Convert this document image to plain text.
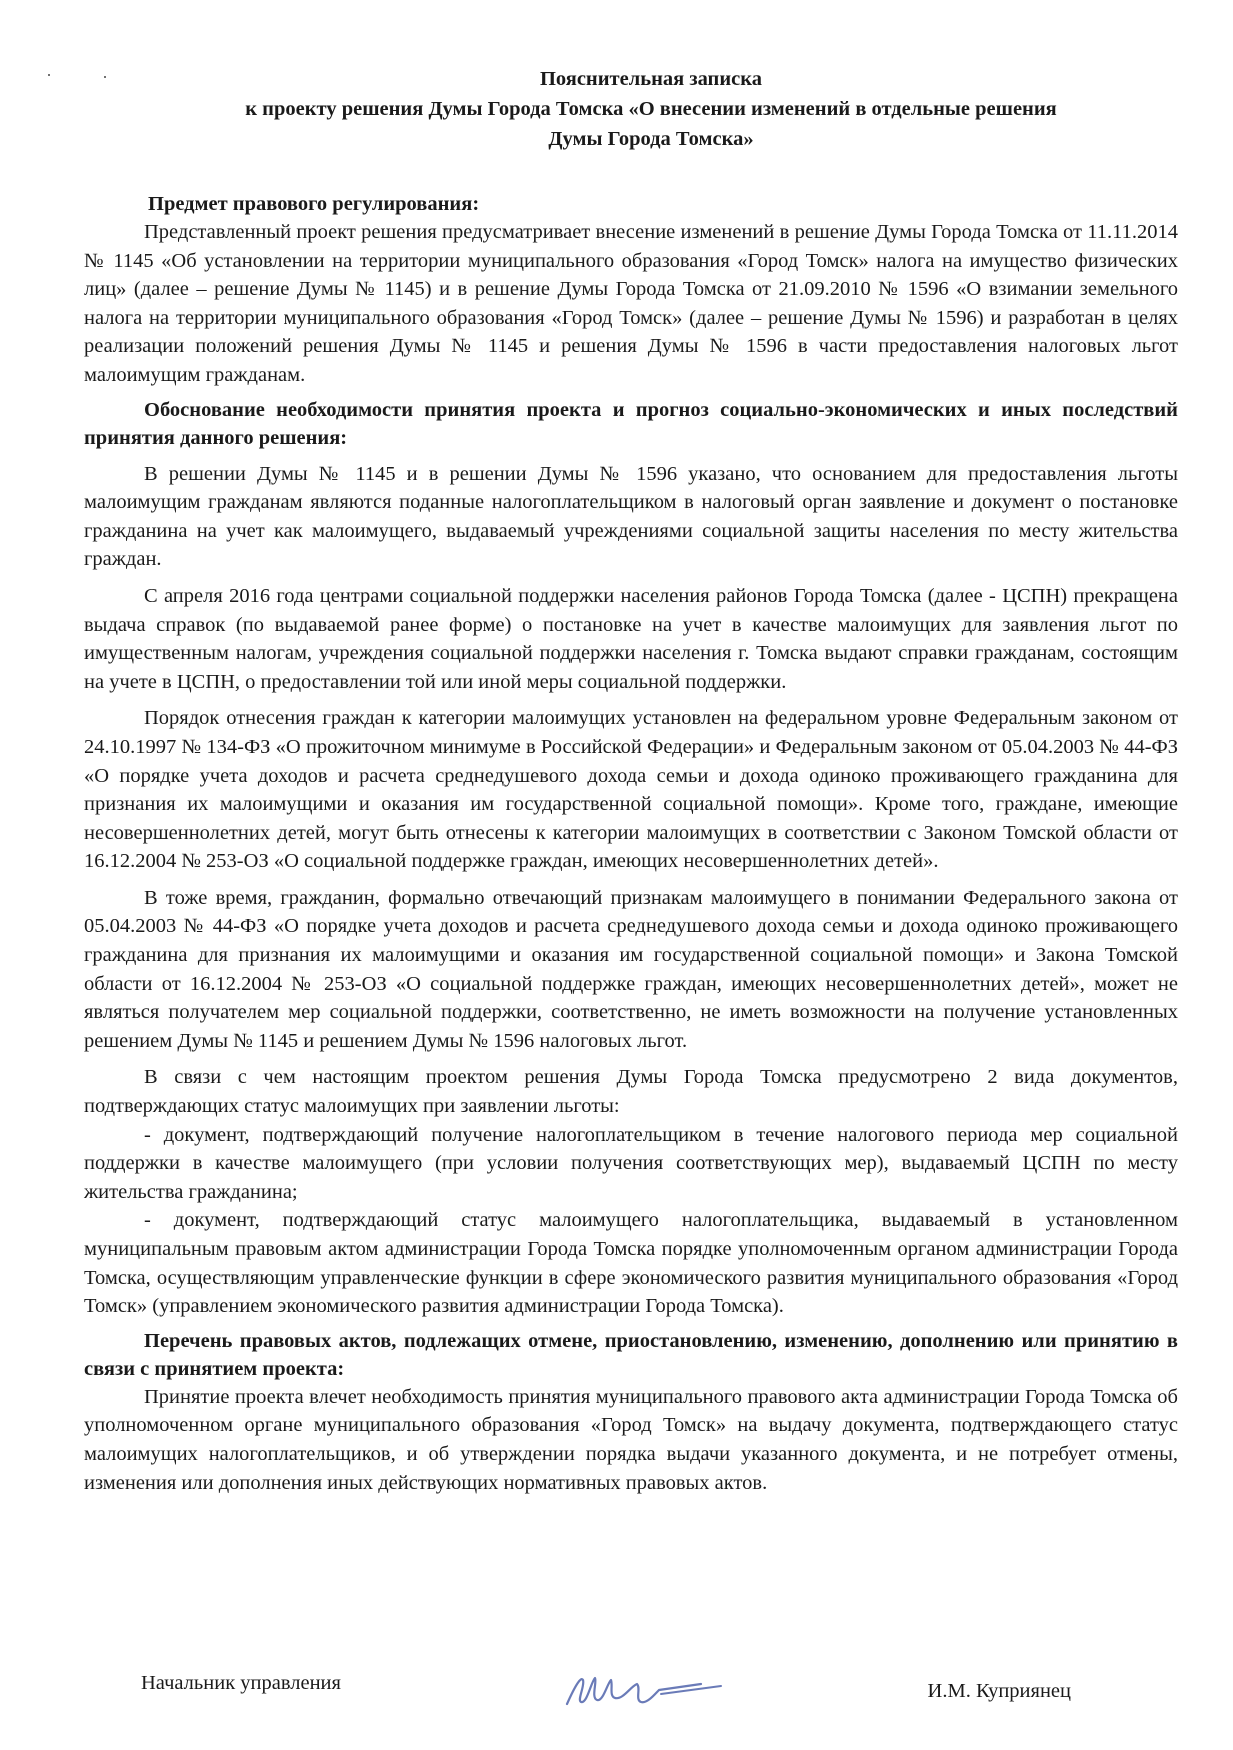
Пояснительная записка
к проекту решения Думы Города Томска «О внесении изменений в отдельные решения
Думы Города Томска»

Предмет правового регулирования:

Представленный проект решения предусматривает внесение изменений в решение Думы Города Томска от 11.11.2014 № 1145 «Об установлении на территории муниципального образования «Город Томск» налога на имущество физических лиц» (далее – решение Думы № 1145) и в решение Думы Города Томска от 21.09.2010 № 1596 «О взимании земельного налога на территории муниципального образования «Город Томск» (далее – решение Думы № 1596) и разработан в целях реализации положений решения Думы № 1145 и решения Думы № 1596 в части предоставления налоговых льгот малоимущим гражданам.

Обоснование необходимости принятия проекта и прогноз социально-экономических и иных последствий принятия данного решения:

В решении Думы № 1145 и в решении Думы № 1596 указано, что основанием для предоставления льготы малоимущим гражданам являются поданные налогоплательщиком в налоговый орган заявление и документ о постановке гражданина на учет как малоимущего, выдаваемый учреждениями социальной защиты населения по месту жительства граждан.

С апреля 2016 года центрами социальной поддержки населения районов Города Томска (далее - ЦСПН) прекращена выдача справок (по выдаваемой ранее форме) о постановке на учет в качестве малоимущих для заявления льгот по имущественным налогам, учреждения социальной поддержки населения г. Томска выдают справки гражданам, состоящим на учете в ЦСПН, о предоставлении той или иной меры социальной поддержки.

Порядок отнесения граждан к категории малоимущих установлен на федеральном уровне Федеральным законом от 24.10.1997 № 134-ФЗ «О прожиточном минимуме в Российской Федерации» и Федеральным законом от 05.04.2003 № 44-ФЗ «О порядке учета доходов и расчета среднедушевого дохода семьи и дохода одиноко проживающего гражданина для признания их малоимущими и оказания им государственной социальной помощи». Кроме того, граждане, имеющие несовершеннолетних детей, могут быть отнесены к категории малоимущих в соответствии с Законом Томской области от 16.12.2004 № 253-ОЗ «О социальной поддержке граждан, имеющих несовершеннолетних детей».

В тоже время, гражданин, формально отвечающий признакам малоимущего в понимании Федерального закона от 05.04.2003 № 44-ФЗ «О порядке учета доходов и расчета среднедушевого дохода семьи и дохода одиноко проживающего гражданина для признания их малоимущими и оказания им государственной социальной помощи» и Закона Томской области от 16.12.2004 № 253-ОЗ «О социальной поддержке граждан, имеющих несовершеннолетних детей», может не являться получателем мер социальной поддержки, соответственно, не иметь возможности на получение установленных решением Думы № 1145 и решением Думы № 1596 налоговых льгот.

В связи с чем настоящим проектом решения Думы Города Томска предусмотрено 2 вида документов, подтверждающих статус малоимущих при заявлении льготы:

- документ, подтверждающий получение налогоплательщиком в течение налогового периода мер социальной поддержки в качестве малоимущего (при условии получения соответствующих мер), выдаваемый ЦСПН по месту жительства гражданина;

- документ, подтверждающий статус малоимущего налогоплательщика, выдаваемый в установленном муниципальным правовым актом администрации Города Томска порядке уполномоченным органом администрации Города Томска, осуществляющим управленческие функции в сфере экономического развития муниципального образования «Город Томск» (управлением экономического развития администрации Города Томска).

Перечень правовых актов, подлежащих отмене, приостановлению, изменению, дополнению или принятию в связи с принятием проекта:

Принятие проекта влечет необходимость принятия муниципального правового акта администрации Города Томска об уполномоченном органе муниципального образования «Город Томск» на выдачу документа, подтверждающего статус малоимущих налогоплательщиков, и об утверждении порядка выдачи указанного документа, и не потребует отмены, изменения или дополнения иных действующих нормативных правовых актов.

Начальник управления	И.М. Куприянец
